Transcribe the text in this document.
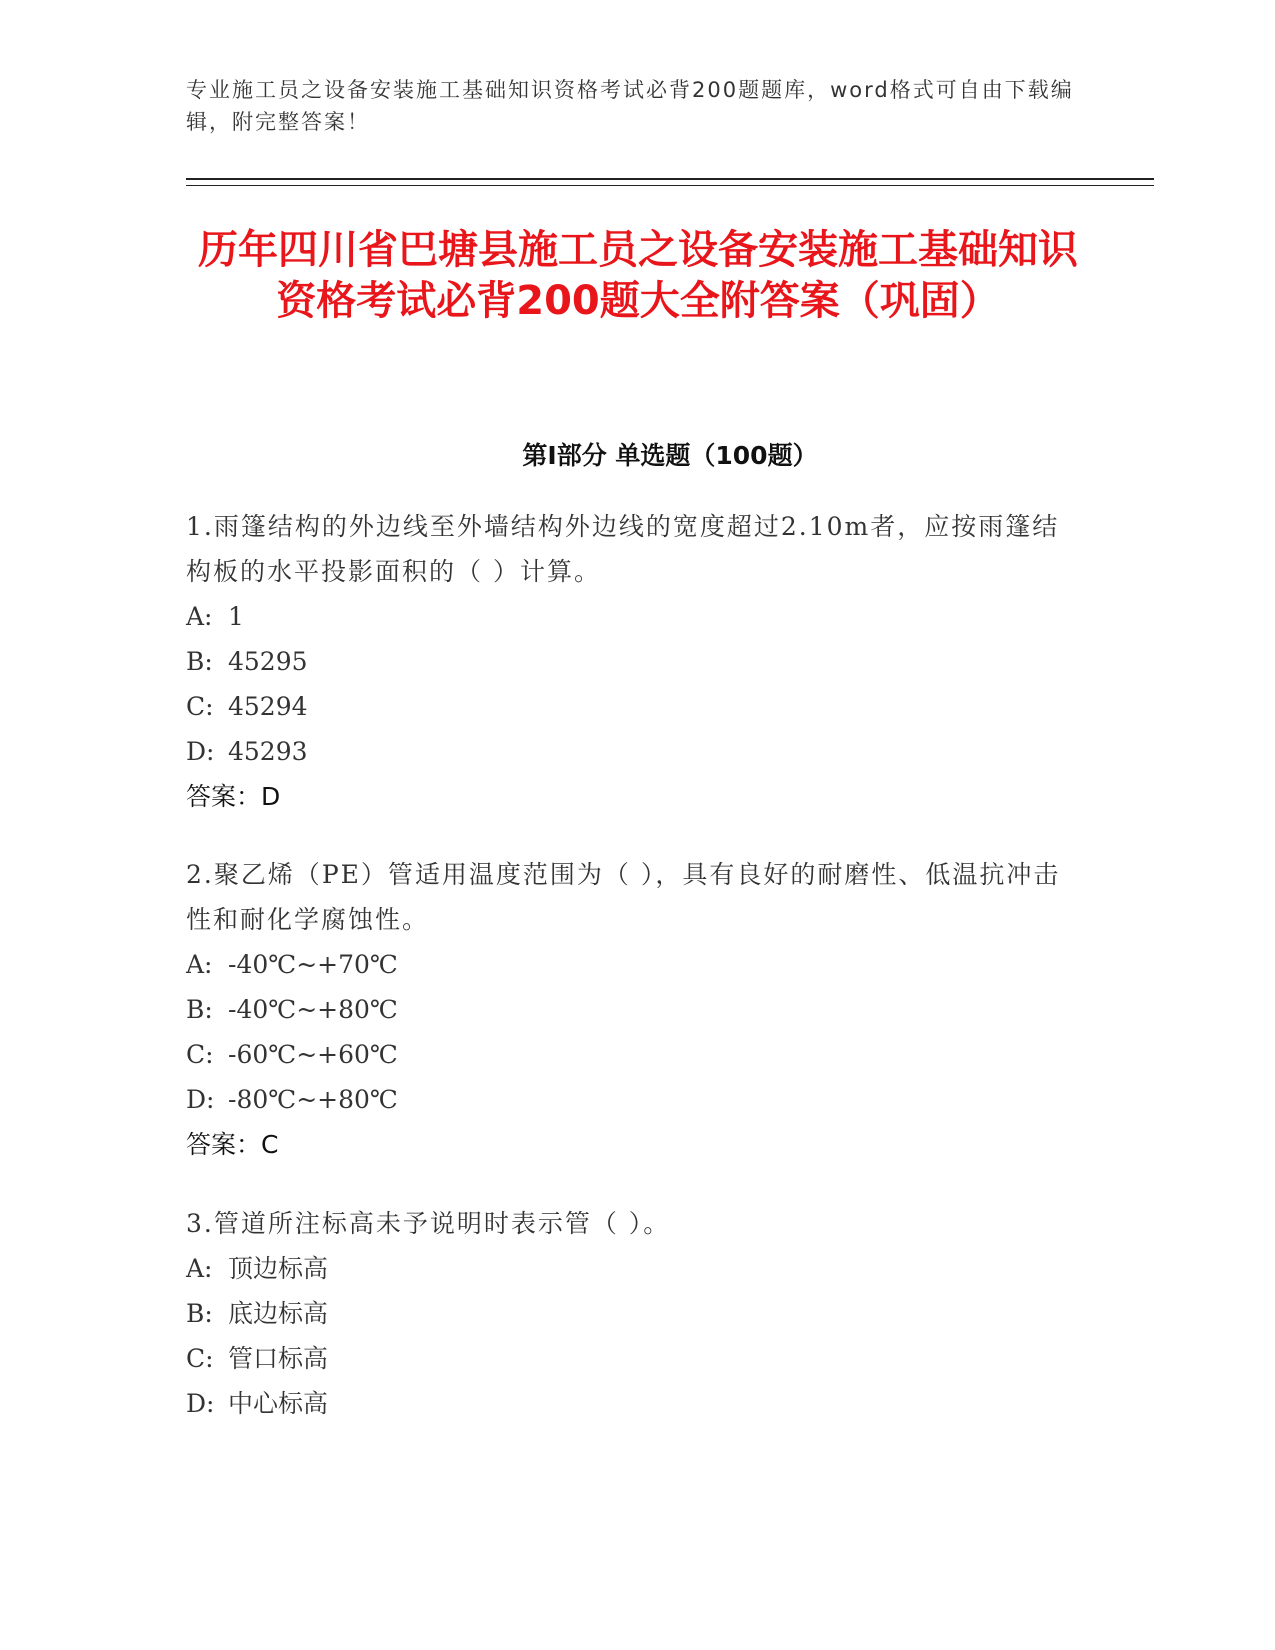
专业施工员之设备安装施工基础知识资格考试必背200题题库，word格式可自由下载编辑，附完整答案！
历年四川省巴塘县施工员之设备安装施工基础知识资格考试必背200题大全附答案（巩固）
第Ⅰ部分 单选题（100题）
1.雨篷结构的外边线至外墙结构外边线的宽度超过2.10m者，应按雨篷结构板的水平投影面积的（ ）计算。
A: 1
B: 45295
C: 45294
D: 45293
答案：D
2.聚乙烯（PE）管适用温度范围为（ ），具有良好的耐磨性、低温抗冲击性和耐化学腐蚀性。
A: -40℃~+70℃
B: -40℃~+80℃
C: -60℃~+60℃
D: -80℃~+80℃
答案：C
3.管道所注标高未予说明时表示管（ ）。
A: 顶边标高
B: 底边标高
C: 管口标高
D: 中心标高
